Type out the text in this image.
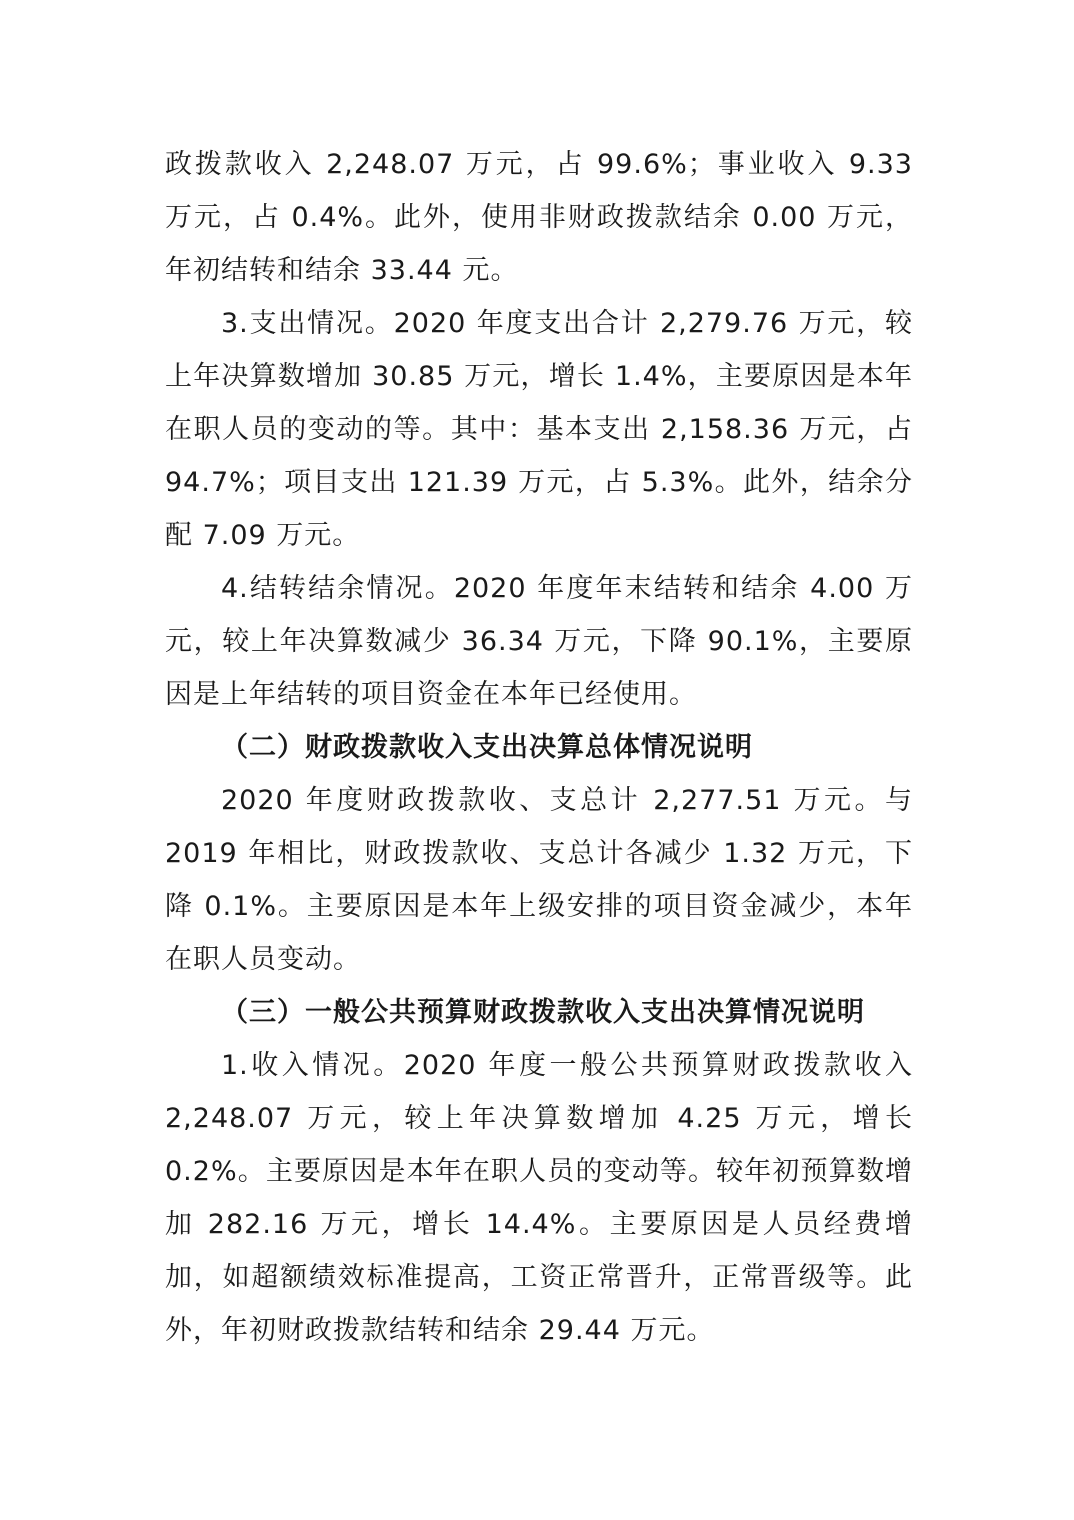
政拨款收入 2,248.07 万元，占 99.6%；事业收入 9.33 万元，占 0.4%。此外，使用非财政拨款结余 0.00 万元，年初结转和结余 33.44 元。

3.支出情况。2020 年度支出合计 2,279.76 万元，较上年决算数增加 30.85 万元，增长 1.4%，主要原因是本年在职人员的变动的等。其中：基本支出 2,158.36 万元，占 94.7%；项目支出 121.39 万元，占 5.3%。此外，结余分配 7.09 万元。

4.结转结余情况。2020 年度年末结转和结余 4.00 万元，较上年决算数减少 36.34 万元，下降 90.1%，主要原因是上年结转的项目资金在本年已经使用。

（二）财政拨款收入支出决算总体情况说明

2020 年度财政拨款收、支总计 2,277.51 万元。与 2019 年相比，财政拨款收、支总计各减少 1.32 万元，下降 0.1%。主要原因是本年上级安排的项目资金减少，本年在职人员变动。

（三）一般公共预算财政拨款收入支出决算情况说明

1.收入情况。2020 年度一般公共预算财政拨款收入 2,248.07 万元，较上年决算数增加 4.25 万元，增长 0.2%。主要原因是本年在职人员的变动等。较年初预算数增加 282.16 万元，增长 14.4%。主要原因是人员经费增加，如超额绩效标准提高，工资正常晋升，正常晋级等。此外，年初财政拨款结转和结余 29.44 万元。
